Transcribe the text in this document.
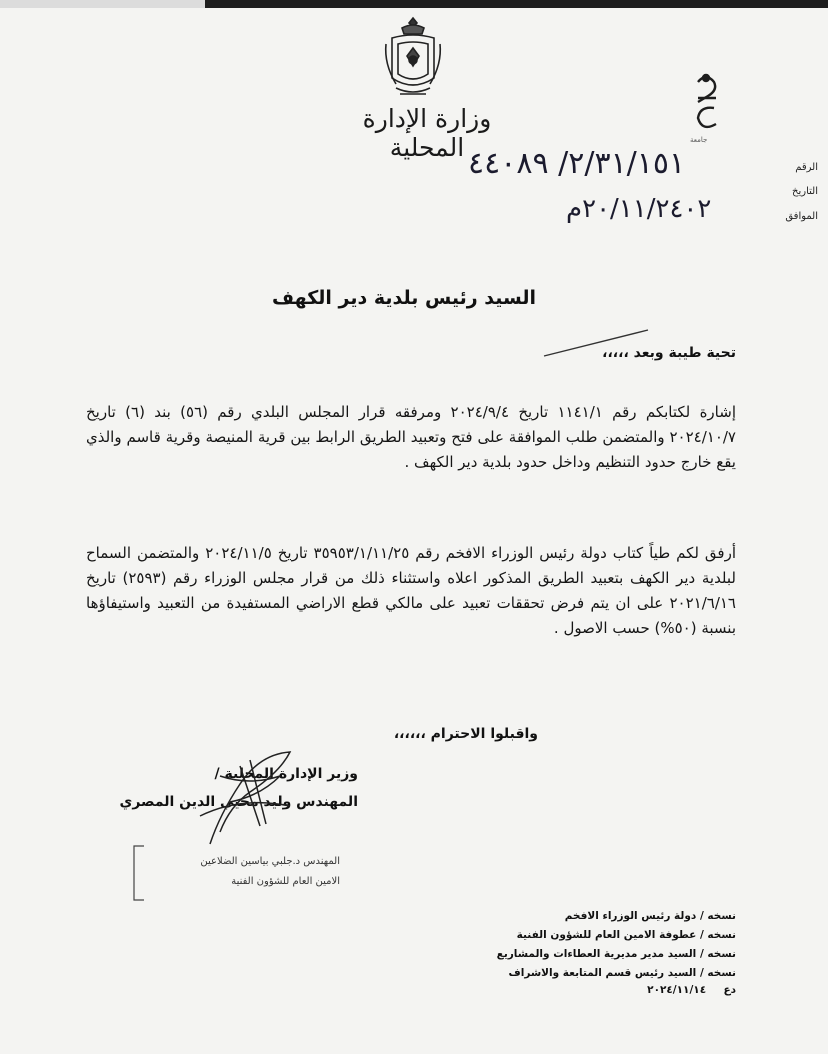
وزارة الإدارة المحلية	جامعة
الرقم
التاريخ
الموافق
٢/٣١/١٥١/ ٤٤٠٨٩
٢٠/١١/٢٤٠٢م
السيد رئيس بلدية دير الكهف
تحية طيبة وبعد ،،،،،
إشارة لكتابكم رقم ١١٤١/١ تاريخ ٢٠٢٤/٩/٤ ومرفقه قرار المجلس البلدي رقم (٥٦) بند (٦) تاريخ ٢٠٢٤/١٠/٧ والمتضمن طلب الموافقة على فتح وتعبيد الطريق الرابط بين قرية المنيصة وقرية قاسم والذي يقع خارج حدود التنظيم وداخل حدود بلدية دير الكهف .
أرفق لكم طياً كتاب دولة رئيس الوزراء الافخم رقم ٣٥٩٥٣/١/١١/٢٥ تاريخ ٢٠٢٤/١١/٥ والمتضمن السماح لبلدية دير الكهف بتعبيد الطريق المذكور اعلاه واستثناء ذلك من قرار مجلس الوزراء رقم (٢٥٩٣) تاريخ ٢٠٢١/٦/١٦ على ان يتم فرض تحققات تعبيد على مالكي قطع الاراضي المستفيدة من التعبيد واستيفاؤها بنسبة (٥٠%) حسب الاصول .
واقبلوا الاحترام ،،،،،،
وزير الإدارة المحلية /
المهندس وليد محيي الدين المصري
المهندس د.جلبي بياسين الضلاعين
الامين العام للشؤون الفنية
نسخه / دولة رئيس الوزراء الافخم
نسخه / عطوفة الامين العام للشؤون الفنية
نسخه / السيد مدير مديرية العطاءات والمشاريع
نسخه / السيد رئيس قسم المتابعة والاشراف
دع  ٢٠٢٤/١١/١٤
